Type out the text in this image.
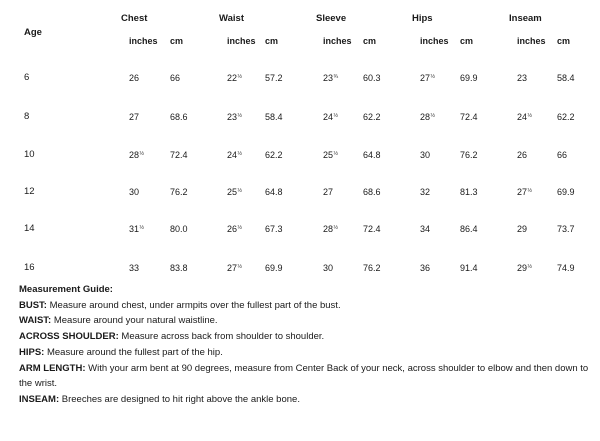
Age
Chest
inches cm
Waist
inches cm
Sleeve
inches cm
Hips
inches cm
Inseam
inches cm
6	26	66	$22^{\frac{1}{2}}$	57.2	$23^{\frac{3}{4}}$	60.3	$27^{\frac{1}{2}}$	69.9	23	58.4
8	27	68.6	$23^{\frac{1}{2}}$	58.4	$24^{\frac{1}{2}}$	62.2	$28^{\frac{1}{2}}$	72.4	$24^{\frac{1}{2}}$	62.2
10	$28^{\frac{1}{2}}$	72.4	$24^{\frac{1}{2}}$	62.2	$25^{\frac{1}{2}}$	64.8	30	76.2	26	66
12	30	76.2	$25^{\frac{1}{2}}$	64.8	27	68.6	32	81.3	$27^{\frac{1}{2}}$	69.9
14	$31^{\frac{1}{2}}$	80.0	$26^{\frac{1}{2}}$	67.3	$28^{\frac{1}{2}}$	72.4	34	86.4	29	73.7
16	33	83.8	$27^{\frac{1}{2}}$	69.9	30	76.2	36	91.4	$29^{\frac{1}{2}}$	74.9
Measurement Guide:

BUST: Measure around chest, under armpits over the fullest part of the bust.

WAIST: Measure around your natural waistline.

ACROSS SHOULDER: Measure across back from shoulder to shoulder.

HIPS: Measure around the fullest part of the hip.

ARM LENGTH: With your arm bent at 90 degrees, measure from Center Back of your neck, across shoulder to elbow and then down to the wrist.

INSEAM: Breeches are designed to hit right above the ankle bone.
